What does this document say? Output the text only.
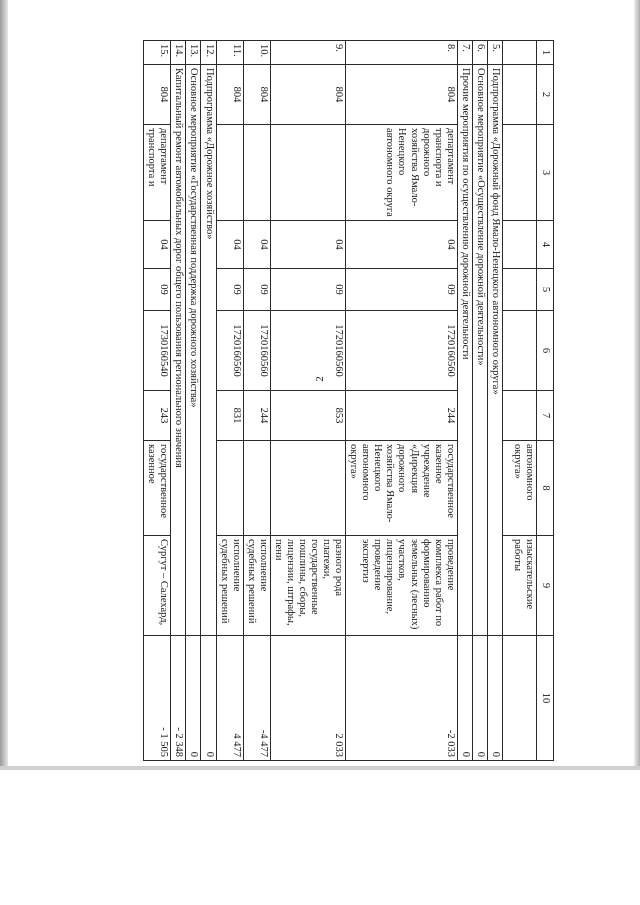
2
1	2	3	4	5	6	7	8	9	10
							автономного округа»	изыскательские работы	
5.	Подпрограмма «Дорожный фонд Ямало-Ненецкого автономного округа»								0
6.	Основное мероприятие «Осуществление дорожной деятельности»								0
7.	Прочие мероприятия по осуществлению дорожной деятельности								0
8.	804	департамент транспорта и дорожного хозяйства Ямало-Ненецкого автономного округа	04	09	1720160560	244	государственное казенное учреждение «Дирекция дорожного хозяйства Ямало-Ненецкого автономного округа»	проведение комплекса работ по формированию земельных (лесных) участков, лицензирование, проведение экспертиз	-2 033
9.	804		04	09	1720160560	853		разного рода платежи, государственные пошлины, сборы, лицензии, штрафы, пени	2 033
10.	804		04	09	1720160560	244		исполнение судебных решений	-4 477
11.	804		04	09	1720160560	831		исполнение судебных решений	4 477
12.	Подпрограмма «Дорожное хозяйство»								0
13.	Основное мероприятие «Государственная поддержка дорожного хозяйства»								0
14.	Капитальный ремонт автомобильных дорог общего пользования регионального значения								- 2 348
15.	804	департамент транспорта и	04	09	1730160540	243	государственное казенное	Сургут – Салехард,	- 1 505
